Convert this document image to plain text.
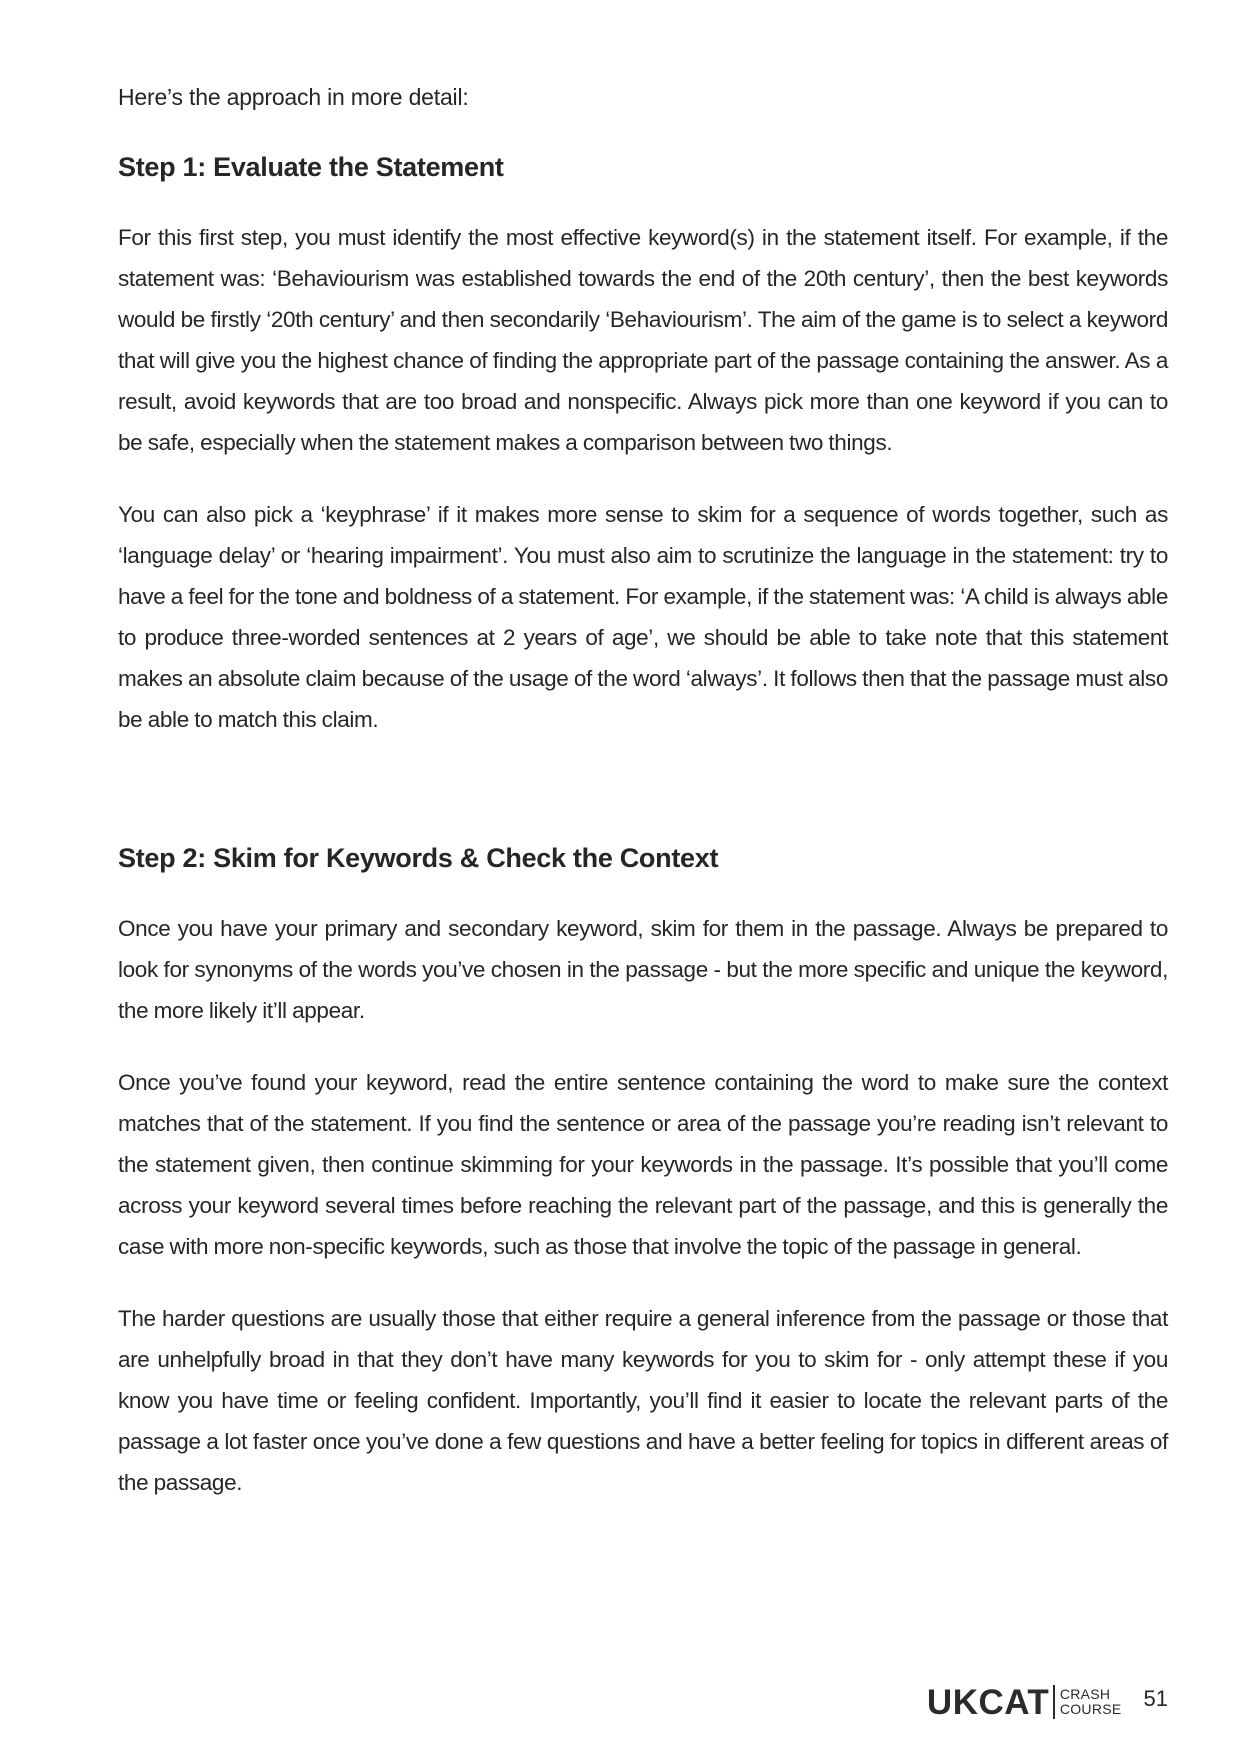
Here’s the approach in more detail:

Step 1: Evaluate the Statement

For this first step, you must identify the most effective keyword(s) in the statement itself. For example, if the statement was: ‘Behaviourism was established towards the end of the 20th century’, then the best keywords would be firstly ‘20th century’ and then secondarily ‘Behaviourism’. The aim of the game is to select a keyword that will give you the highest chance of finding the appropriate part of the passage containing the answer. As a result, avoid keywords that are too broad and nonspecific. Always pick more than one keyword if you can to be safe, especially when the statement makes a comparison between two things.

You can also pick a ‘keyphrase’ if it makes more sense to skim for a sequence of words together, such as ‘language delay’ or ‘hearing impairment’. You must also aim to scrutinize the language in the statement: try to have a feel for the tone and boldness of a statement. For example, if the statement was: ‘A child is always able to produce three-worded sentences at 2 years of age’, we should be able to take note that this statement makes an absolute claim because of the usage of the word ‘always’. It follows then that the passage must also be able to match this claim.

Step 2: Skim for Keywords & Check the Context

Once you have your primary and secondary keyword, skim for them in the passage. Always be prepared to look for synonyms of the words you’ve chosen in the passage - but the more specific and unique the keyword, the more likely it’ll appear.

Once you’ve found your keyword, read the entire sentence containing the word to make sure the context matches that of the statement. If you find the sentence or area of the passage you’re reading isn’t relevant to the statement given, then continue skimming for your keywords in the passage. It’s possible that you’ll come across your keyword several times before reaching the relevant part of the passage, and this is generally the case with more non-specific keywords, such as those that involve the topic of the passage in general.

The harder questions are usually those that either require a general inference from the passage or those that are unhelpfully broad in that they don’t have many keywords for you to skim for - only attempt these if you know you have time or feeling confident. Importantly, you’ll find it easier to locate the relevant parts of the passage a lot faster once you’ve done a few questions and have a better feeling for topics in different areas of the passage.

UKCAT CRASH
COURSE 51
